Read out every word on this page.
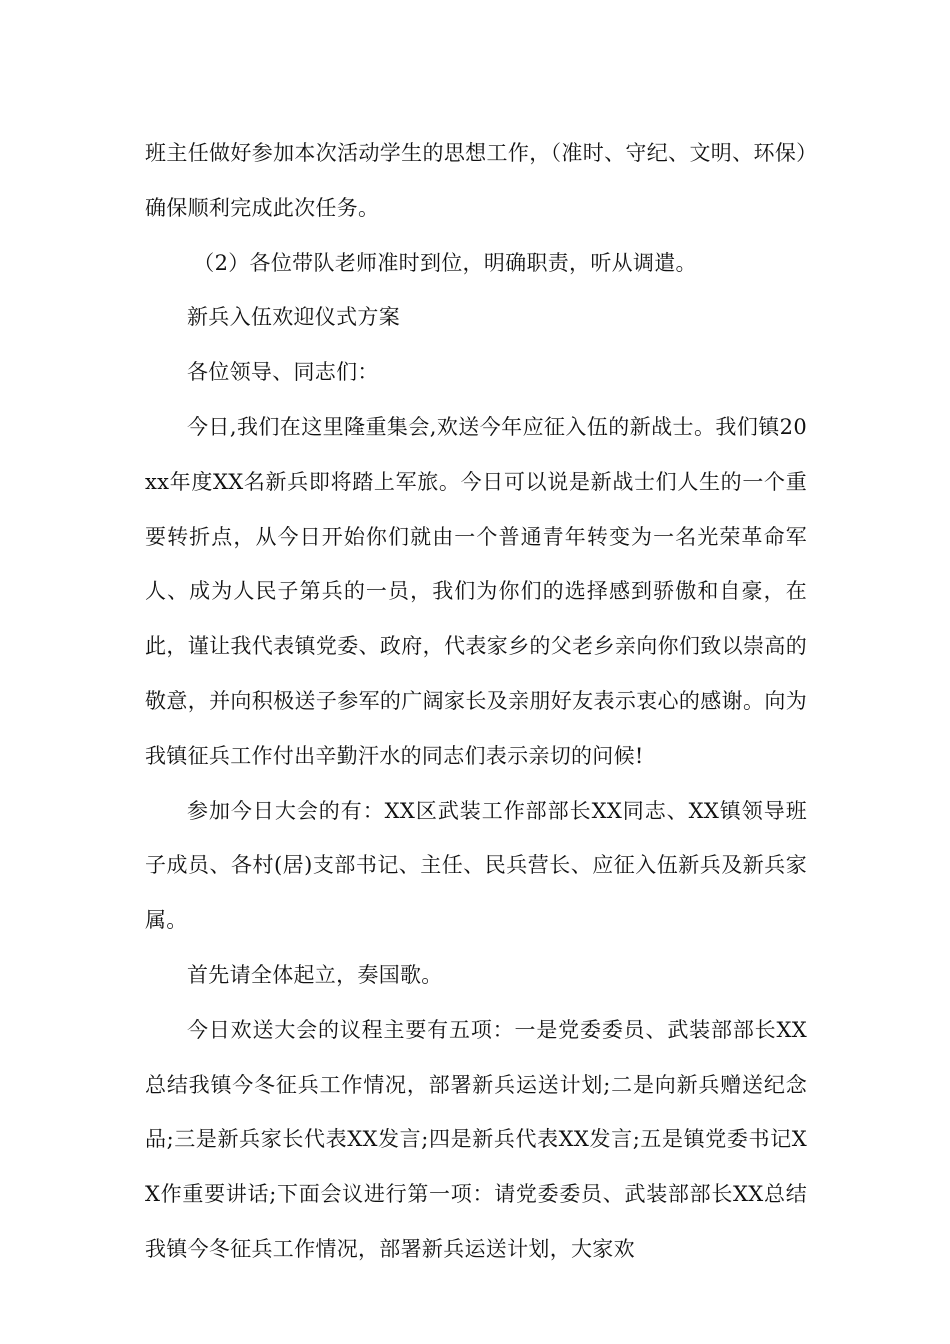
班主任做好参加本次活动学生的思想工作，（准时、守纪、文明、环保）确保顺利完成此次任务。

（2）各位带队老师准时到位，明确职责，听从调遣。

新兵入伍欢迎仪式方案

各位领导、同志们：

今日,我们在这里隆重集会,欢送今年应征入伍的新战士。我们镇20xx年度XX名新兵即将踏上军旅。今日可以说是新战士们人生的一个重要转折点，从今日开始你们就由一个普通青年转变为一名光荣革命军人、成为人民子第兵的一员，我们为你们的选择感到骄傲和自豪，在此，谨让我代表镇党委、政府，代表家乡的父老乡亲向你们致以崇高的敬意，并向积极送子参军的广阔家长及亲朋好友表示衷心的感谢。向为我镇征兵工作付出辛勤汗水的同志们表示亲切的问候!

参加今日大会的有：XX区武装工作部部长XX同志、XX镇领导班子成员、各村(居)支部书记、主任、民兵营长、应征入伍新兵及新兵家属。

首先请全体起立，奏国歌。

今日欢送大会的议程主要有五项：一是党委委员、武装部部长XX总结我镇今冬征兵工作情况，部署新兵运送计划;二是向新兵赠送纪念品;三是新兵家长代表XX发言;四是新兵代表XX发言;五是镇党委书记XX作重要讲话;下面会议进行第一项：请党委委员、武装部部长XX总结我镇今冬征兵工作情况，部署新兵运送计划，大家欢
